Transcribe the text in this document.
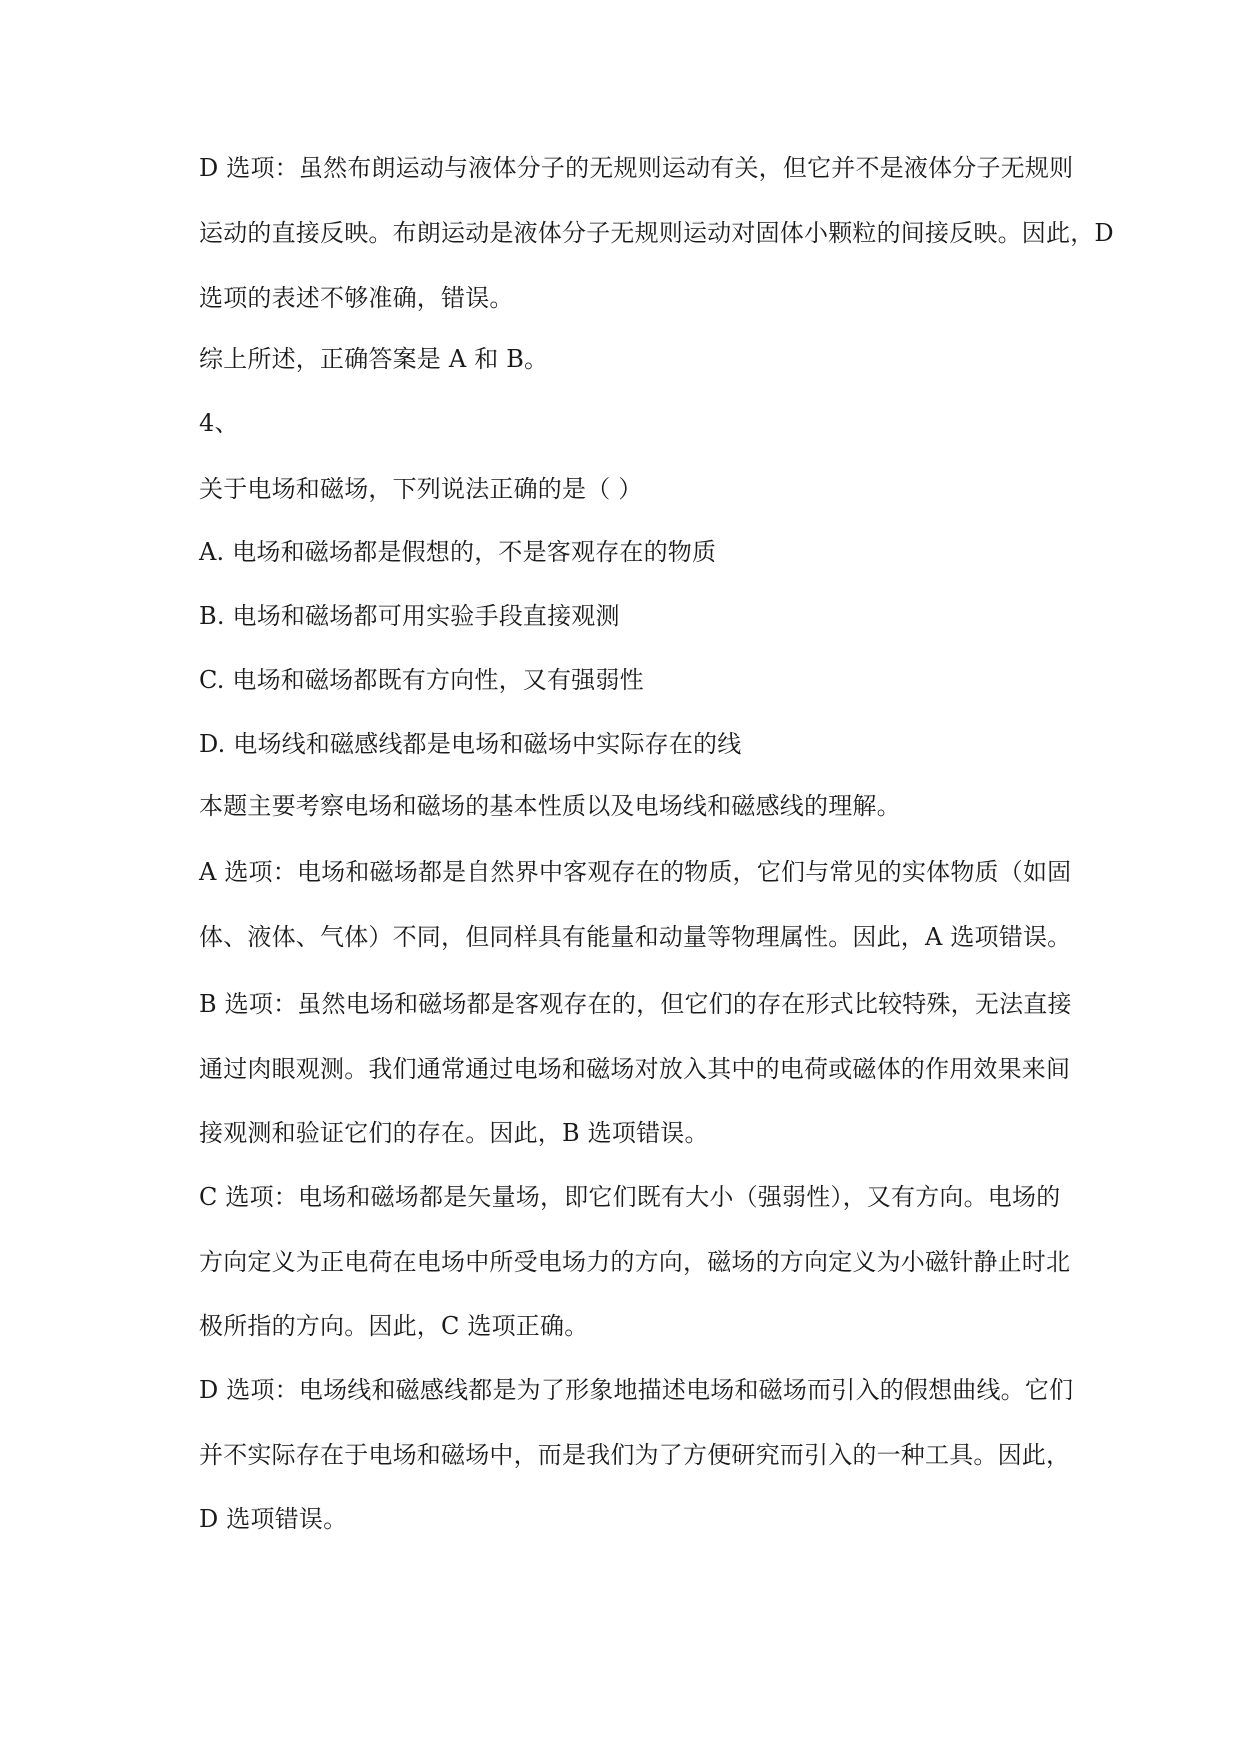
D 选项：虽然布朗运动与液体分子的无规则运动有关，但它并不是液体分子无规则
运动的直接反映。布朗运动是液体分子无规则运动对固体小颗粒的间接反映。因此，D
选项的表述不够准确，错误。
综上所述，正确答案是 A 和 B。
4、
关于电场和磁场，下列说法正确的是（ ）
A. 电场和磁场都是假想的，不是客观存在的物质
B. 电场和磁场都可用实验手段直接观测
C. 电场和磁场都既有方向性，又有强弱性
D. 电场线和磁感线都是电场和磁场中实际存在的线
本题主要考察电场和磁场的基本性质以及电场线和磁感线的理解。
A 选项：电场和磁场都是自然界中客观存在的物质，它们与常见的实体物质（如固
体、液体、气体）不同，但同样具有能量和动量等物理属性。因此，A 选项错误。
B 选项：虽然电场和磁场都是客观存在的，但它们的存在形式比较特殊，无法直接
通过肉眼观测。我们通常通过电场和磁场对放入其中的电荷或磁体的作用效果来间
接观测和验证它们的存在。因此，B 选项错误。
C 选项：电场和磁场都是矢量场，即它们既有大小（强弱性），又有方向。电场的
方向定义为正电荷在电场中所受电场力的方向，磁场的方向定义为小磁针静止时北
极所指的方向。因此，C 选项正确。
D 选项：电场线和磁感线都是为了形象地描述电场和磁场而引入的假想曲线。它们
并不实际存在于电场和磁场中，而是我们为了方便研究而引入的一种工具。因此，
D 选项错误。
